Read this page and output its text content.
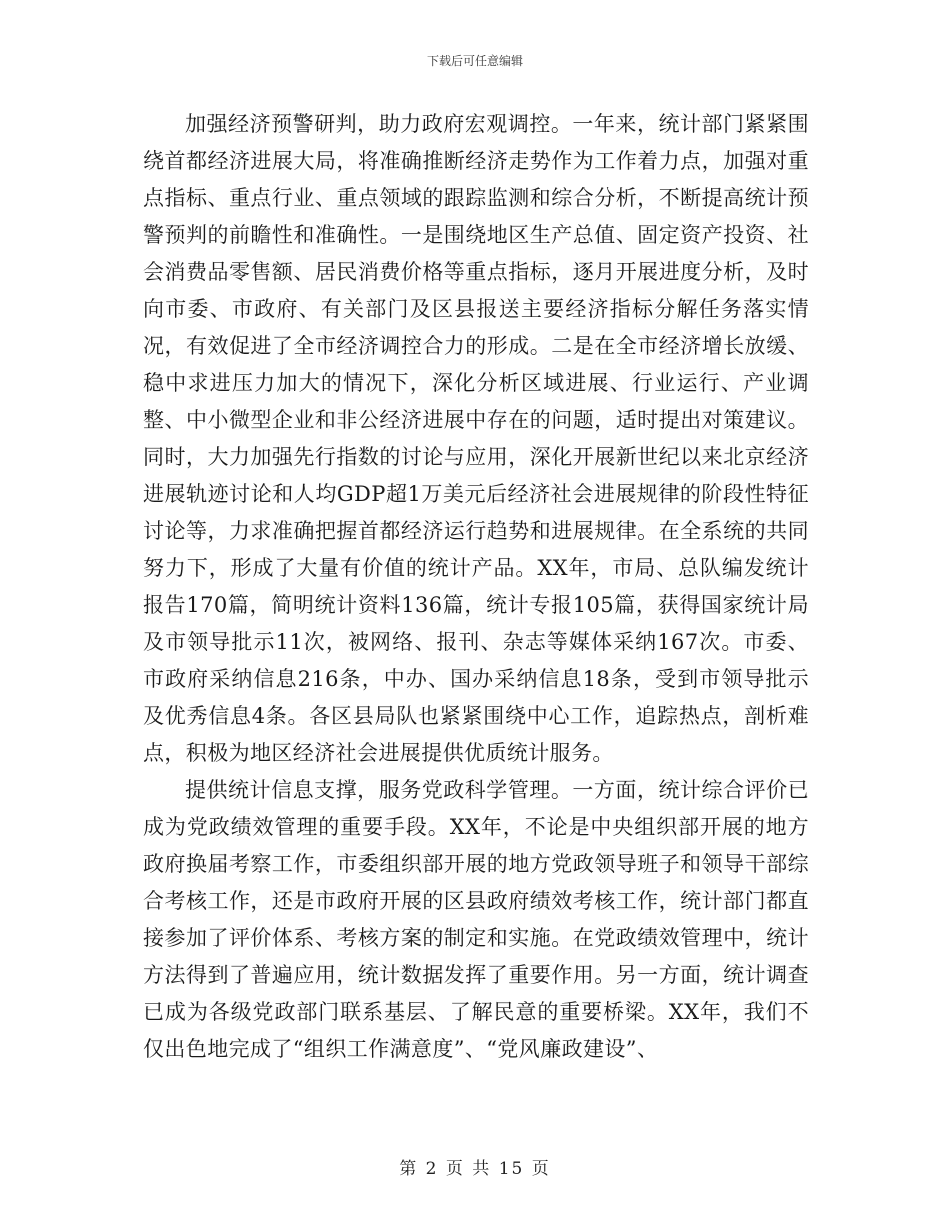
下载后可任意编辑

加强经济预警研判，助力政府宏观调控。一年来，统计部门紧紧围绕首都经济进展大局，将准确推断经济走势作为工作着力点，加强对重点指标、重点行业、重点领域的跟踪监测和综合分析，不断提高统计预警预判的前瞻性和准确性。一是围绕地区生产总值、固定资产投资、社会消费品零售额、居民消费价格等重点指标，逐月开展进度分析，及时向市委、市政府、有关部门及区县报送主要经济指标分解任务落实情况，有效促进了全市经济调控合力的形成。二是在全市经济增长放缓、稳中求进压力加大的情况下，深化分析区域进展、行业运行、产业调整、中小微型企业和非公经济进展中存在的问题，适时提出对策建议。同时，大力加强先行指数的讨论与应用，深化开展新世纪以来北京经济进展轨迹讨论和人均GDP超1万美元后经济社会进展规律的阶段性特征讨论等，力求准确把握首都经济运行趋势和进展规律。在全系统的共同努力下，形成了大量有价值的统计产品。XX年，市局、总队编发统计报告170篇，简明统计资料136篇，统计专报105篇，获得国家统计局及市领导批示11次，被网络、报刊、杂志等媒体采纳167次。市委、市政府采纳信息216条，中办、国办采纳信息18条，受到市领导批示及优秀信息4条。各区县局队也紧紧围绕中心工作，追踪热点，剖析难点，积极为地区经济社会进展提供优质统计服务。

提供统计信息支撑，服务党政科学管理。一方面，统计综合评价已成为党政绩效管理的重要手段。XX年，不论是中央组织部开展的地方政府换届考察工作，市委组织部开展的地方党政领导班子和领导干部综合考核工作，还是市政府开展的区县政府绩效考核工作，统计部门都直接参加了评价体系、考核方案的制定和实施。在党政绩效管理中，统计方法得到了普遍应用，统计数据发挥了重要作用。另一方面，统计调查已成为各级党政部门联系基层、了解民意的重要桥梁。XX年，我们不仅出色地完成了“组织工作满意度”、“党风廉政建设”、

第 2 页 共 15 页
